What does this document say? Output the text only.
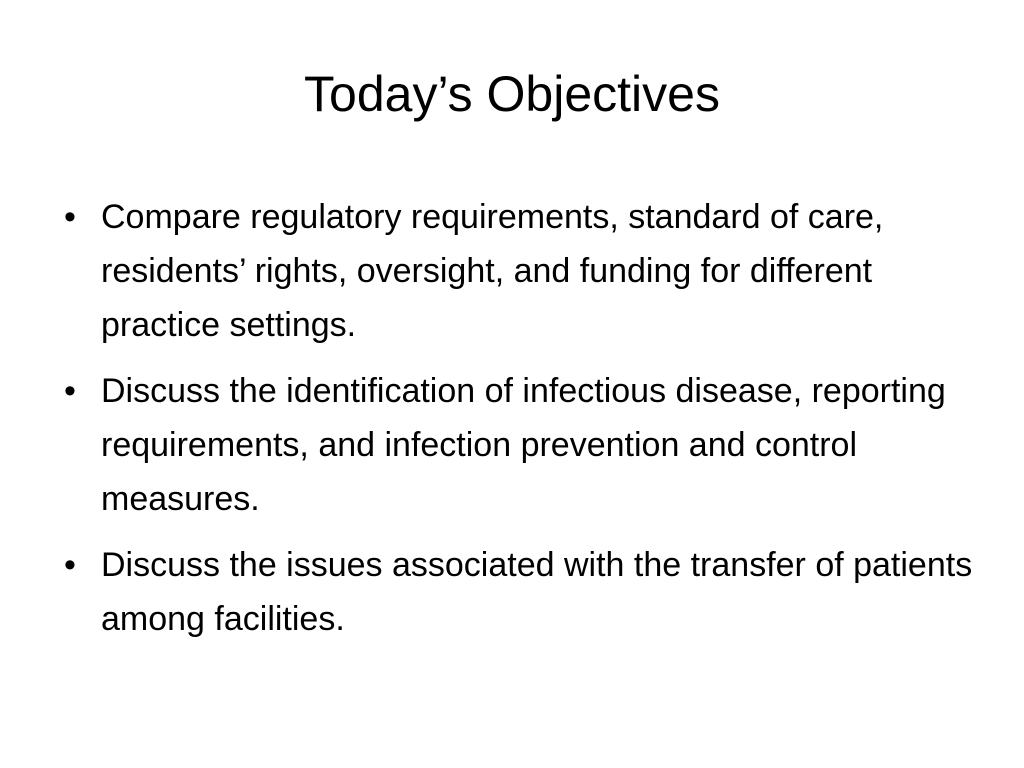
Today’s Objectives
• Compare regulatory requirements, standard of care, residents’ rights, oversight, and funding for different practice settings.
• Discuss the identification of infectious disease, reporting requirements, and infection prevention and control measures.
• Discuss the issues associated with the transfer of patients among facilities.
